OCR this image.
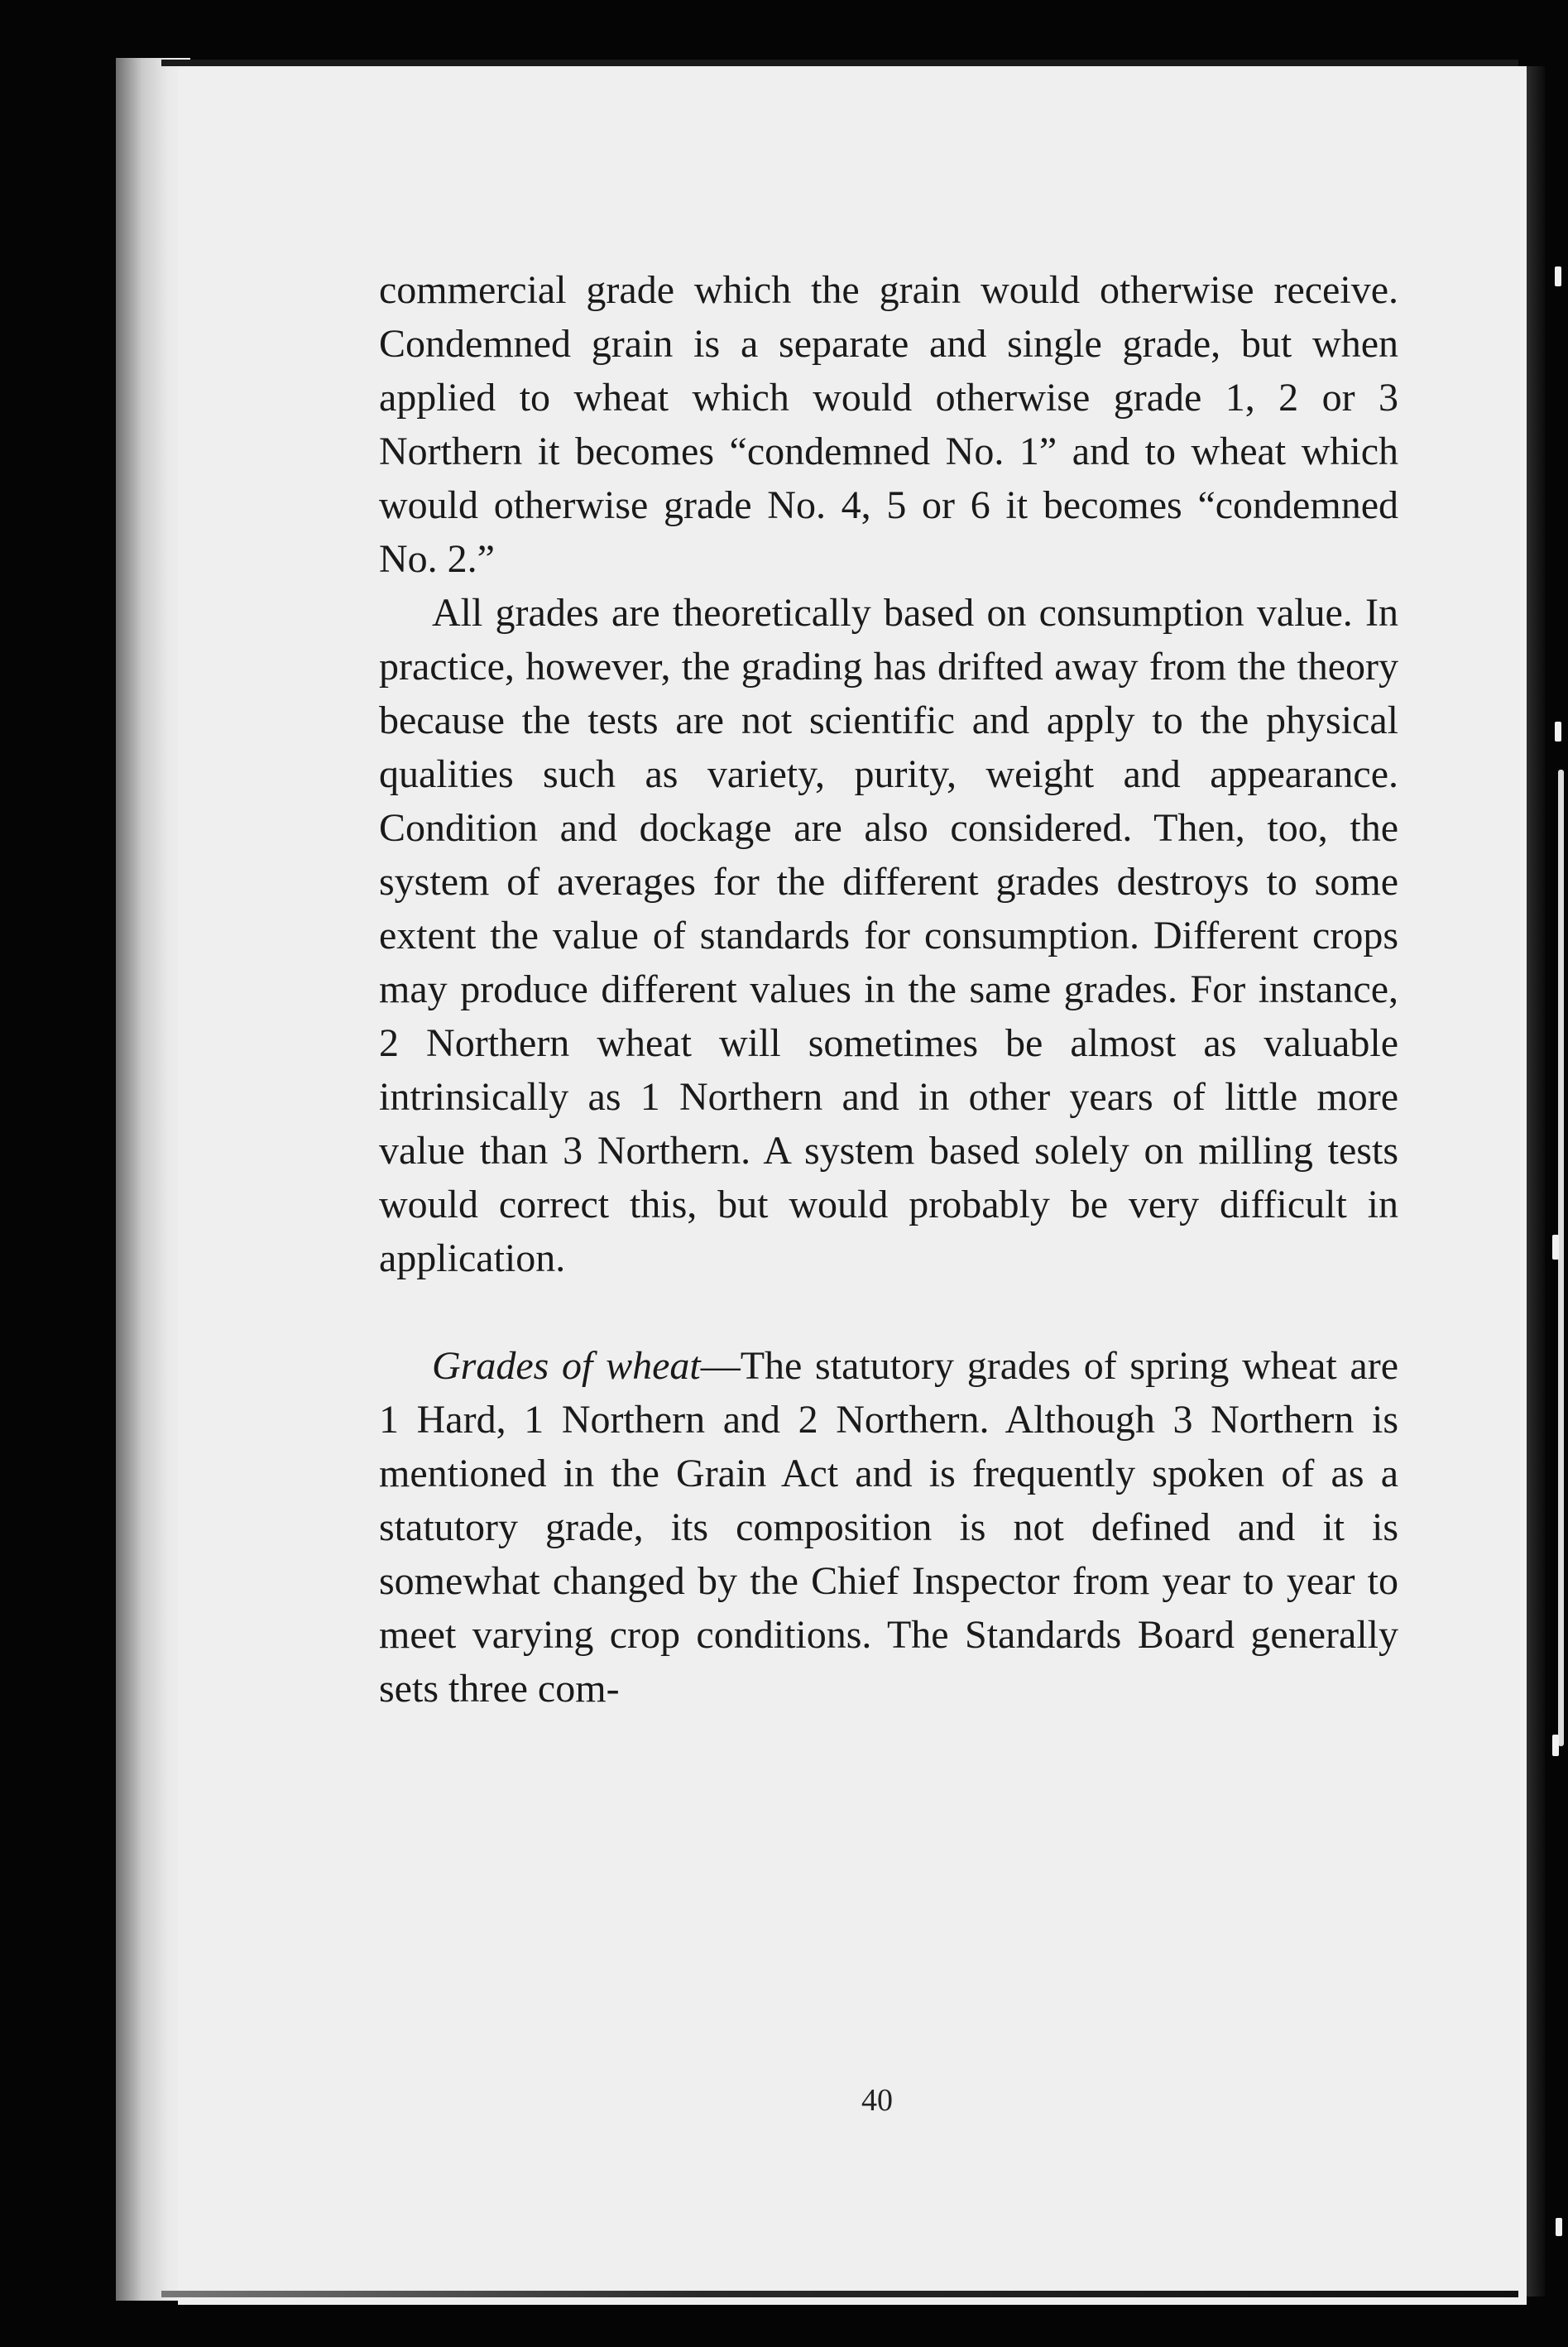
commercial grade which the grain would otherwise receive. Condemned grain is a separate and single grade, but when applied to wheat which would otherwise grade 1, 2 or 3 Northern it becomes “condemned No. 1” and to wheat which would otherwise grade No. 4, 5 or 6 it becomes “condemned No. 2.”

All grades are theoretically based on consumption value. In practice, however, the grading has drifted away from the theory because the tests are not scientific and apply to the physical qualities such as variety, purity, weight and appearance. Condition and dockage are also considered. Then, too, the system of averages for the different grades destroys to some extent the value of standards for consumption. Different crops may produce different values in the same grades. For instance, 2 Northern wheat will sometimes be almost as valuable intrinsically as 1 Northern and in other years of little more value than 3 Northern. A system based solely on milling tests would correct this, but would probably be very difficult in application.

Grades of wheat—The statutory grades of spring wheat are 1 Hard, 1 Northern and 2 Northern. Although 3 Northern is mentioned in the Grain Act and is frequently spoken of as a statutory grade, its composition is not defined and it is somewhat changed by the Chief Inspector from year to year to meet varying crop conditions. The Standards Board generally sets three com-

40
